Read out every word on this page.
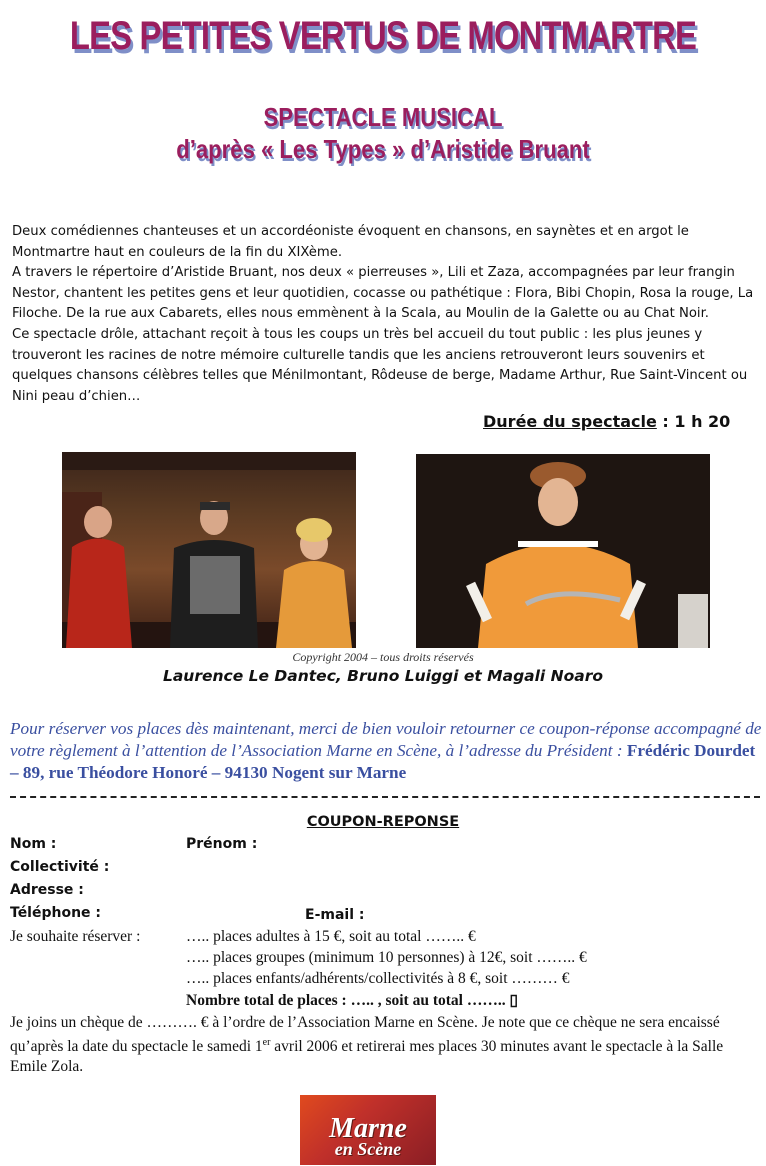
LES PETITES VERTUS DE MONTMARTRE
SPECTACLE MUSICAL
d’après « Les Types » d’Aristide Bruant

Deux comédiennes chanteuses et un accordéoniste évoquent en chansons, en saynètes et en argot le Montmartre haut en couleurs de la fin du XIXème.

A travers le répertoire d’Aristide Bruant, nos deux « pierreuses », Lili et Zaza, accompagnées par leur frangin Nestor, chantent les petites gens et leur quotidien, cocasse ou pathétique : Flora, Bibi Chopin, Rosa la rouge, La Filoche. De la rue aux Cabarets, elles nous emmènent à la Scala, au Moulin de la Galette ou au Chat Noir.

Ce spectacle drôle, attachant reçoit à tous les coups un très bel accueil du tout public : les plus jeunes y trouveront les racines de notre mémoire culturelle tandis que les anciens retrouveront leurs souvenirs et quelques chansons célèbres telles que Ménilmontant, Rôdeuse de berge, Madame Arthur, Rue Saint-Vincent ou Nini peau d’chien…

Durée du spectacle : 1 h 20
Copyright 2004 – tous droits réservés
Laurence Le Dantec, Bruno Luiggi et Magali Noaro
Pour réserver vos places dès maintenant, merci de bien vouloir retourner ce coupon-réponse accompagné de votre règlement à l’attention de l’Association Marne en Scène, à l’adresse du Président : Frédéric Dourdet – 89, rue Théodore Honoré – 94130 Nogent sur Marne
COUPON-REPONSE
Nom :	Prénom :
Collectivité :
Adresse :
Téléphone :	E-mail :
Je souhaite réserver :	….. places adultes à 15 €, soit au total …….. €
….. places groupes (minimum 10 personnes) à 12€, soit …….. €
….. places enfants/adhérents/collectivités à 8 €, soit ……… €
Nombre total de places : ….. , soit au total …….. ▯
Je joins un chèque de ………. € à l’ordre de l’Association Marne en Scène. Je note que ce chèque ne sera encaissé qu’après la date du spectacle le samedi 1er avril 2006 et retirerai mes places 30 minutes avant le spectacle à la Salle Emile Zola.
Marne
en Scène
